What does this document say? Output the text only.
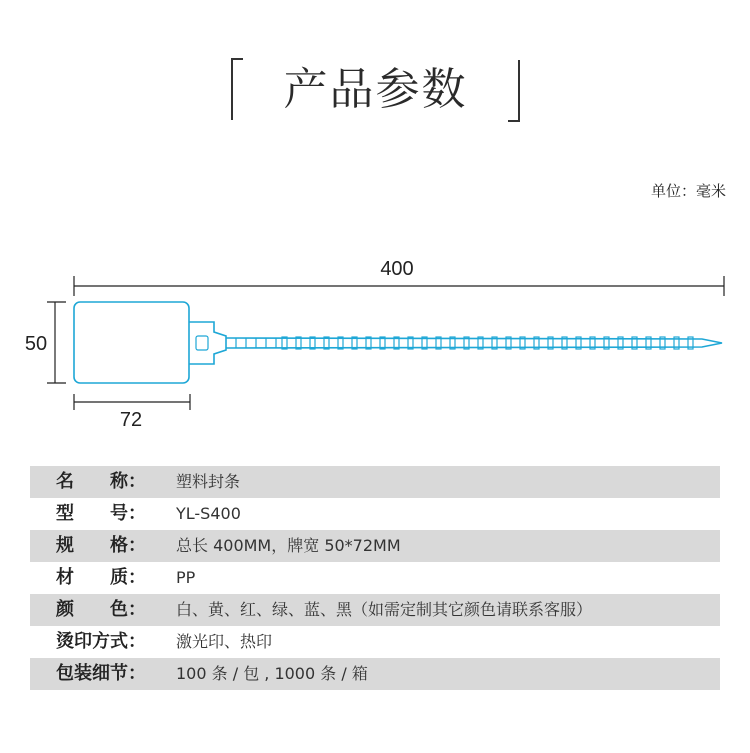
产品参数
单位：毫米
400
50
72
名　　称：	塑料封条
型　　号：	YL-S400
规　　格：	总长 400MM，牌宽 50*72MM
材　　质：	PP
颜　　色：	白、黄、红、绿、蓝、黑（如需定制其它颜色请联系客服）
烫印方式：	激光印、热印
包装细节：	100 条 / 包 , 1000 条 / 箱
